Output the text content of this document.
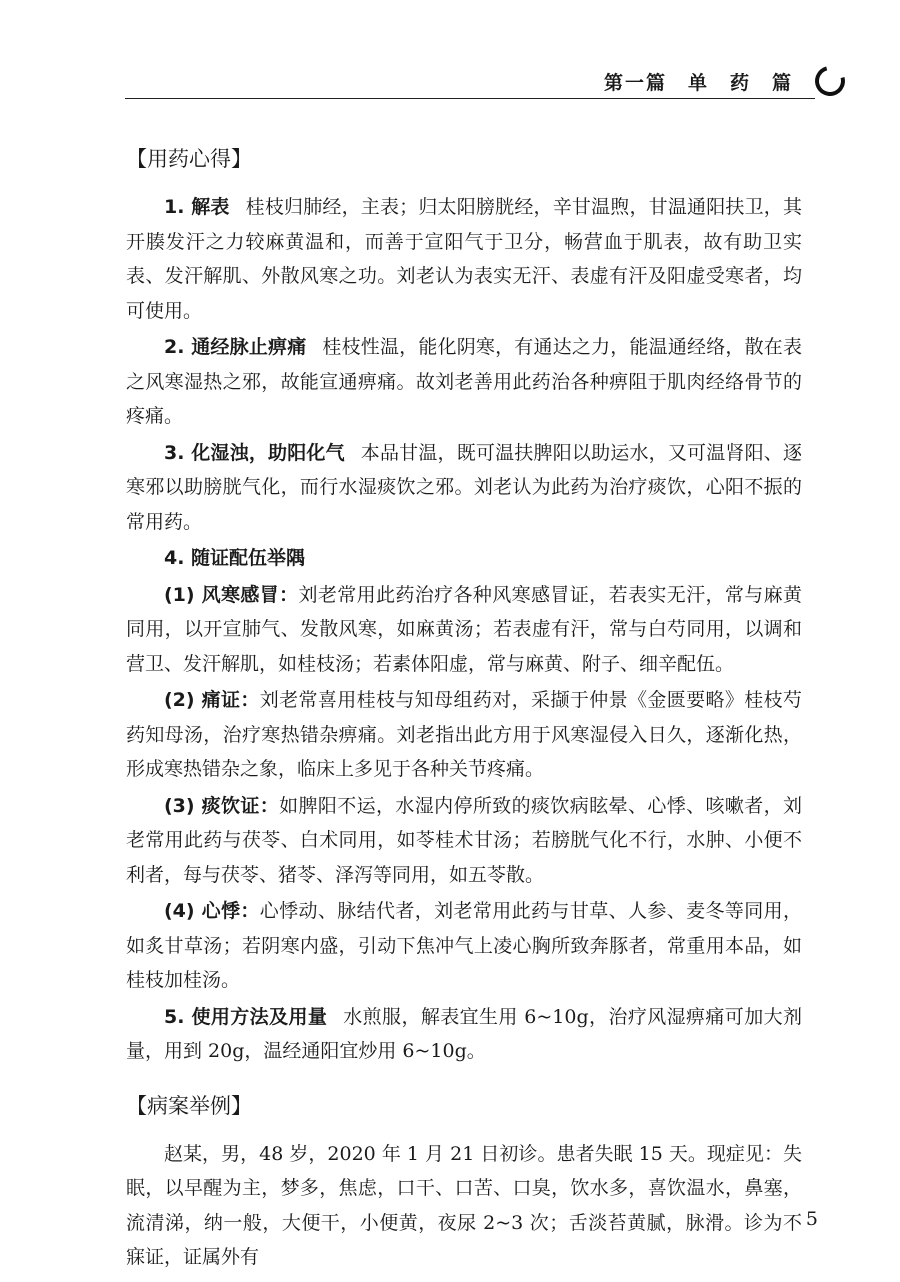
第一篇　单　药　篇
【用药心得】

1. 解表 桂枝归肺经，主表；归太阳膀胱经，辛甘温煦，甘温通阳扶卫，其开腠发汗之力较麻黄温和，而善于宣阳气于卫分，畅营血于肌表，故有助卫实表、发汗解肌、外散风寒之功。刘老认为表实无汗、表虚有汗及阳虚受寒者，均可使用。

2. 通经脉止痹痛 桂枝性温，能化阴寒，有通达之力，能温通经络，散在表之风寒湿热之邪，故能宣通痹痛。故刘老善用此药治各种痹阻于肌肉经络骨节的疼痛。

3. 化湿浊，助阳化气 本品甘温，既可温扶脾阳以助运水，又可温肾阳、逐寒邪以助膀胱气化，而行水湿痰饮之邪。刘老认为此药为治疗痰饮，心阳不振的常用药。

4. 随证配伍举隅

(1) 风寒感冒：刘老常用此药治疗各种风寒感冒证，若表实无汗，常与麻黄同用，以开宣肺气、发散风寒，如麻黄汤；若表虚有汗，常与白芍同用，以调和营卫、发汗解肌，如桂枝汤；若素体阳虚，常与麻黄、附子、细辛配伍。

(2) 痛证：刘老常喜用桂枝与知母组药对，采撷于仲景《金匮要略》桂枝芍药知母汤，治疗寒热错杂痹痛。刘老指出此方用于风寒湿侵入日久，逐渐化热，形成寒热错杂之象，临床上多见于各种关节疼痛。

(3) 痰饮证：如脾阳不运，水湿内停所致的痰饮病眩晕、心悸、咳嗽者，刘老常用此药与茯苓、白术同用，如苓桂术甘汤；若膀胱气化不行，水肿、小便不利者，每与茯苓、猪苓、泽泻等同用，如五苓散。

(4) 心悸：心悸动、脉结代者，刘老常用此药与甘草、人参、麦冬等同用，如炙甘草汤；若阴寒内盛，引动下焦冲气上凌心胸所致奔豚者，常重用本品，如桂枝加桂汤。

5. 使用方法及用量 水煎服，解表宜生用 6~10g，治疗风湿痹痛可加大剂量，用到 20g，温经通阳宜炒用 6~10g。

【病案举例】

赵某，男，48 岁，2020 年 1 月 21 日初诊。患者失眠 15 天。现症见：失眠，以早醒为主，梦多，焦虑，口干、口苦、口臭，饮水多，喜饮温水，鼻塞，流清涕，纳一般，大便干，小便黄，夜尿 2~3 次；舌淡苔黄腻，脉滑。诊为不寐证，证属外有

5
